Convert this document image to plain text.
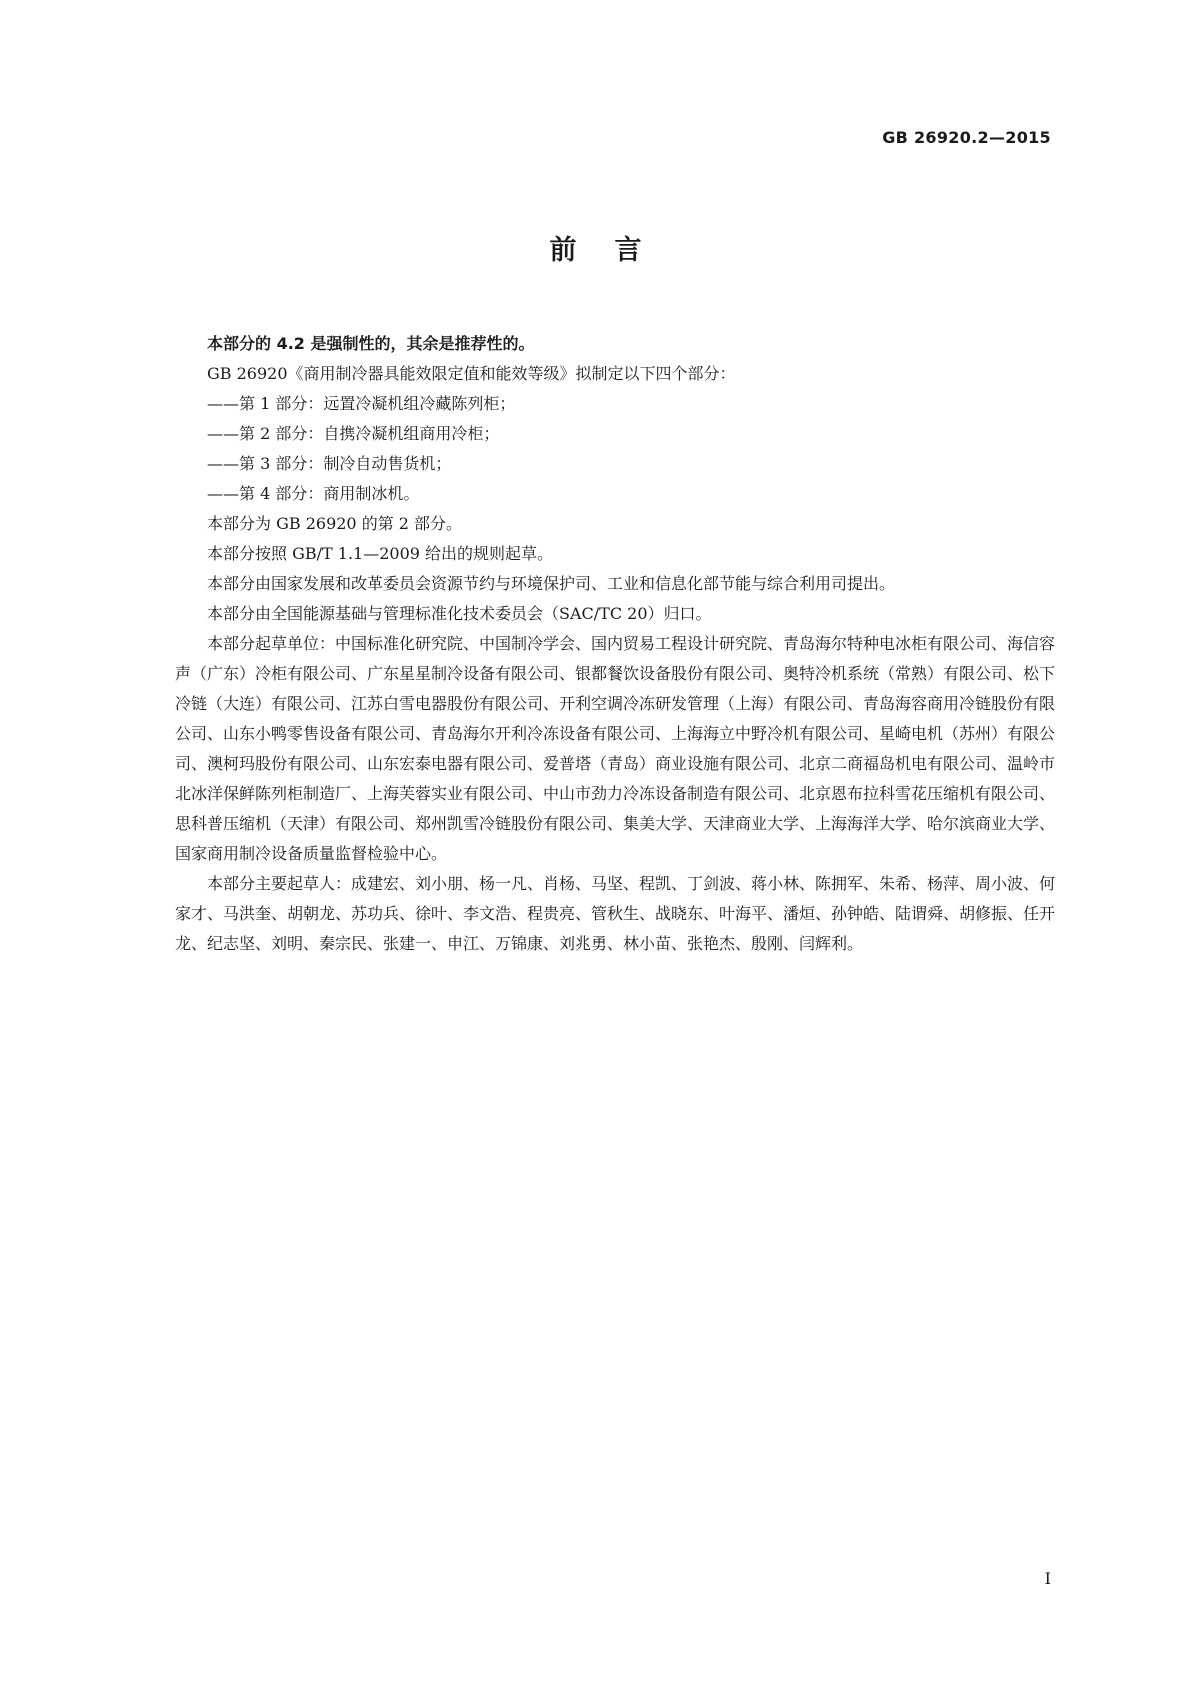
GB 26920.2—2015
前言

本部分的 4.2 是强制性的，其余是推荐性的。

GB 26920《商用制冷器具能效限定值和能效等级》拟制定以下四个部分：

——第 1 部分：远置冷凝机组冷藏陈列柜；

——第 2 部分：自携冷凝机组商用冷柜；

——第 3 部分：制冷自动售货机；

——第 4 部分：商用制冰机。

本部分为 GB 26920 的第 2 部分。

本部分按照 GB/T 1.1—2009 给出的规则起草。

本部分由国家发展和改革委员会资源节约与环境保护司、工业和信息化部节能与综合利用司提出。

本部分由全国能源基础与管理标准化技术委员会（SAC/TC 20）归口。

本部分起草单位：中国标准化研究院、中国制冷学会、国内贸易工程设计研究院、青岛海尔特种电冰柜有限公司、海信容声（广东）冷柜有限公司、广东星星制冷设备有限公司、银都餐饮设备股份有限公司、奥特冷机系统（常熟）有限公司、松下冷链（大连）有限公司、江苏白雪电器股份有限公司、开利空调冷冻研发管理（上海）有限公司、青岛海容商用冷链股份有限公司、山东小鸭零售设备有限公司、青岛海尔开利冷冻设备有限公司、上海海立中野冷机有限公司、星崎电机（苏州）有限公司、澳柯玛股份有限公司、山东宏泰电器有限公司、爱普塔（青岛）商业设施有限公司、北京二商福岛机电有限公司、温岭市北冰洋保鲜陈列柜制造厂、上海芙蓉实业有限公司、中山市劲力冷冻设备制造有限公司、北京恩布拉科雪花压缩机有限公司、思科普压缩机（天津）有限公司、郑州凯雪冷链股份有限公司、集美大学、天津商业大学、上海海洋大学、哈尔滨商业大学、国家商用制冷设备质量监督检验中心。

本部分主要起草人：成建宏、刘小朋、杨一凡、肖杨、马坚、程凯、丁剑波、蒋小林、陈拥军、朱希、杨萍、周小波、何家才、马洪奎、胡朝龙、苏功兵、徐叶、李文浩、程贵亮、管秋生、战晓东、叶海平、潘烜、孙钟皓、陆谓舜、胡修振、任开龙、纪志坚、刘明、秦宗民、张建一、申江、万锦康、刘兆勇、林小苗、张艳杰、殷刚、闫辉利。

I
